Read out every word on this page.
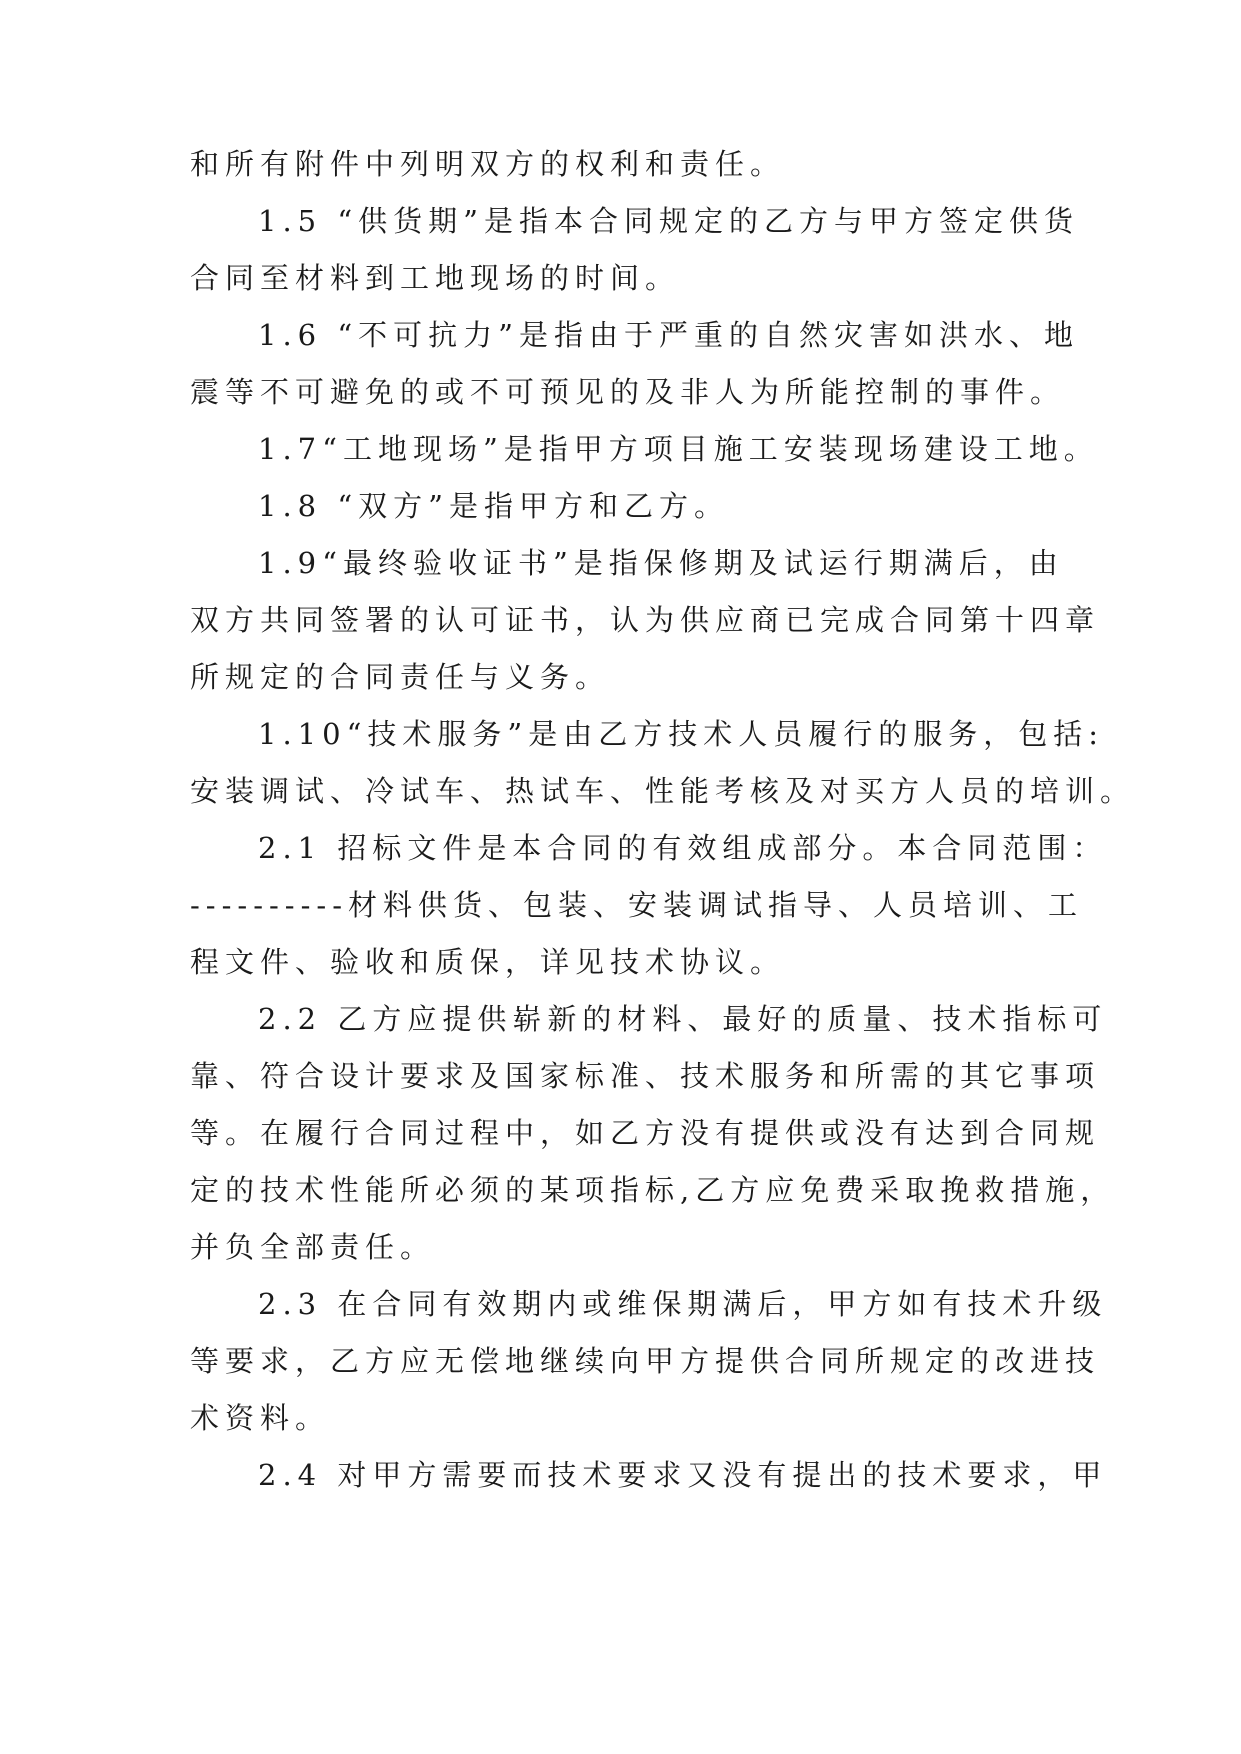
和所有附件中列明双方的权利和责任。
1.5 “供货期”是指本合同规定的乙方与甲方签定供货
合同至材料到工地现场的时间。
1.6 “不可抗力”是指由于严重的自然灾害如洪水、地
震等不可避免的或不可预见的及非人为所能控制的事件。
1.7“工地现场”是指甲方项目施工安装现场建设工地。
1.8 “双方”是指甲方和乙方。
1.9“最终验收证书”是指保修期及试运行期满后，由
双方共同签署的认可证书，认为供应商已完成合同第十四章
所规定的合同责任与义务。
1.10“技术服务”是由乙方技术人员履行的服务，包括:
安装调试、冷试车、热试车、性能考核及对买方人员的培训。
2.1 招标文件是本合同的有效组成部分。本合同范围：
----------材料供货、包装、安装调试指导、人员培训、工
程文件、验收和质保，详见技术协议。
2.2 乙方应提供崭新的材料、最好的质量、技术指标可
靠、符合设计要求及国家标准、技术服务和所需的其它事项
等。在履行合同过程中，如乙方没有提供或没有达到合同规
定的技术性能所必须的某项指标,乙方应免费采取挽救措施，
并负全部责任。
2.3 在合同有效期内或维保期满后，甲方如有技术升级
等要求，乙方应无偿地继续向甲方提供合同所规定的改进技
术资料。
2.4 对甲方需要而技术要求又没有提出的技术要求，甲
